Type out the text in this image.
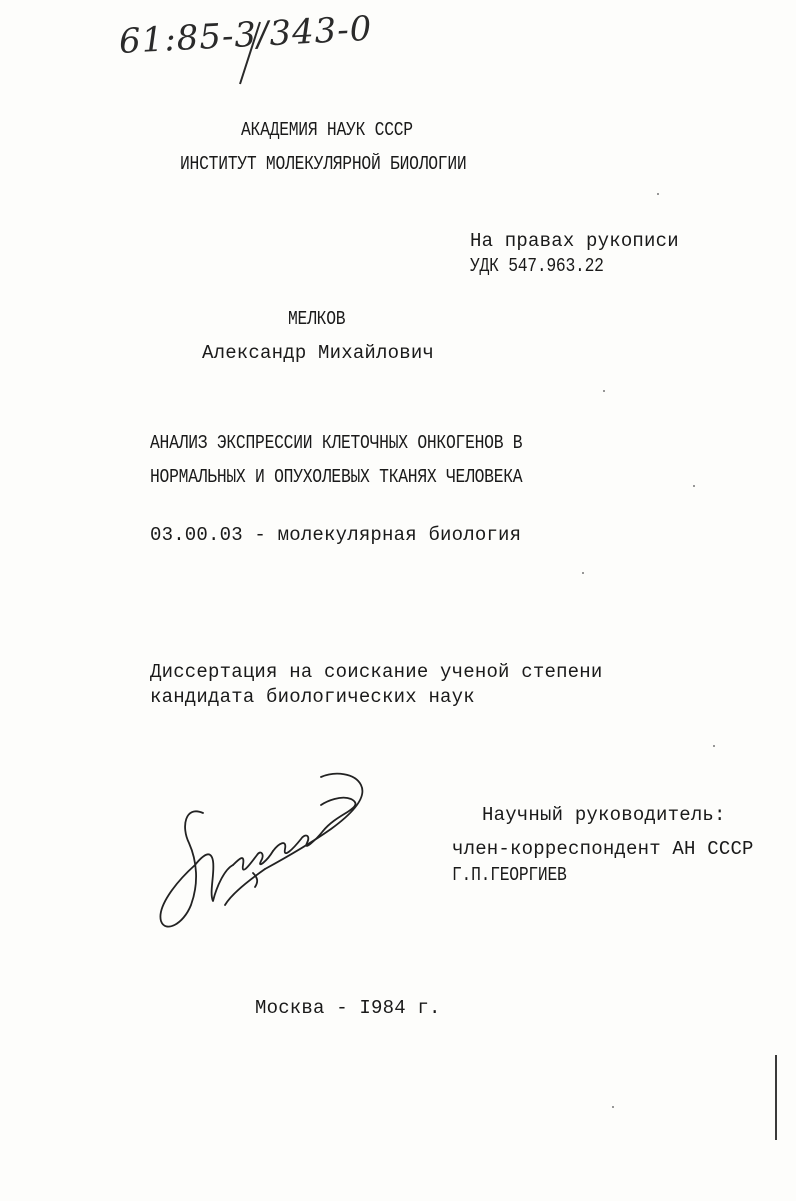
61:85-3/343-0
АКАДЕМИЯ НАУК СССР
ИНСТИТУТ МОЛЕКУЛЯРНОЙ БИОЛОГИИ
На правах рукописи
УДК 547.963.22
МЕЛКОВ
Александр Михайлович
АНАЛИЗ ЭКСПРЕССИИ КЛЕТОЧНЫХ ОНКОГЕНОВ В
НОРМАЛЬНЫХ И ОПУХОЛЕВЫХ ТКАНЯХ ЧЕЛОВЕКА
03.00.03 - молекулярная биология
Диссертация на соискание ученой степени
кандидата биологических наук
Научный руководитель:
член-корреспондент АН СССР
Г.П.ГЕОРГИЕВ
Москва - I984 г.
